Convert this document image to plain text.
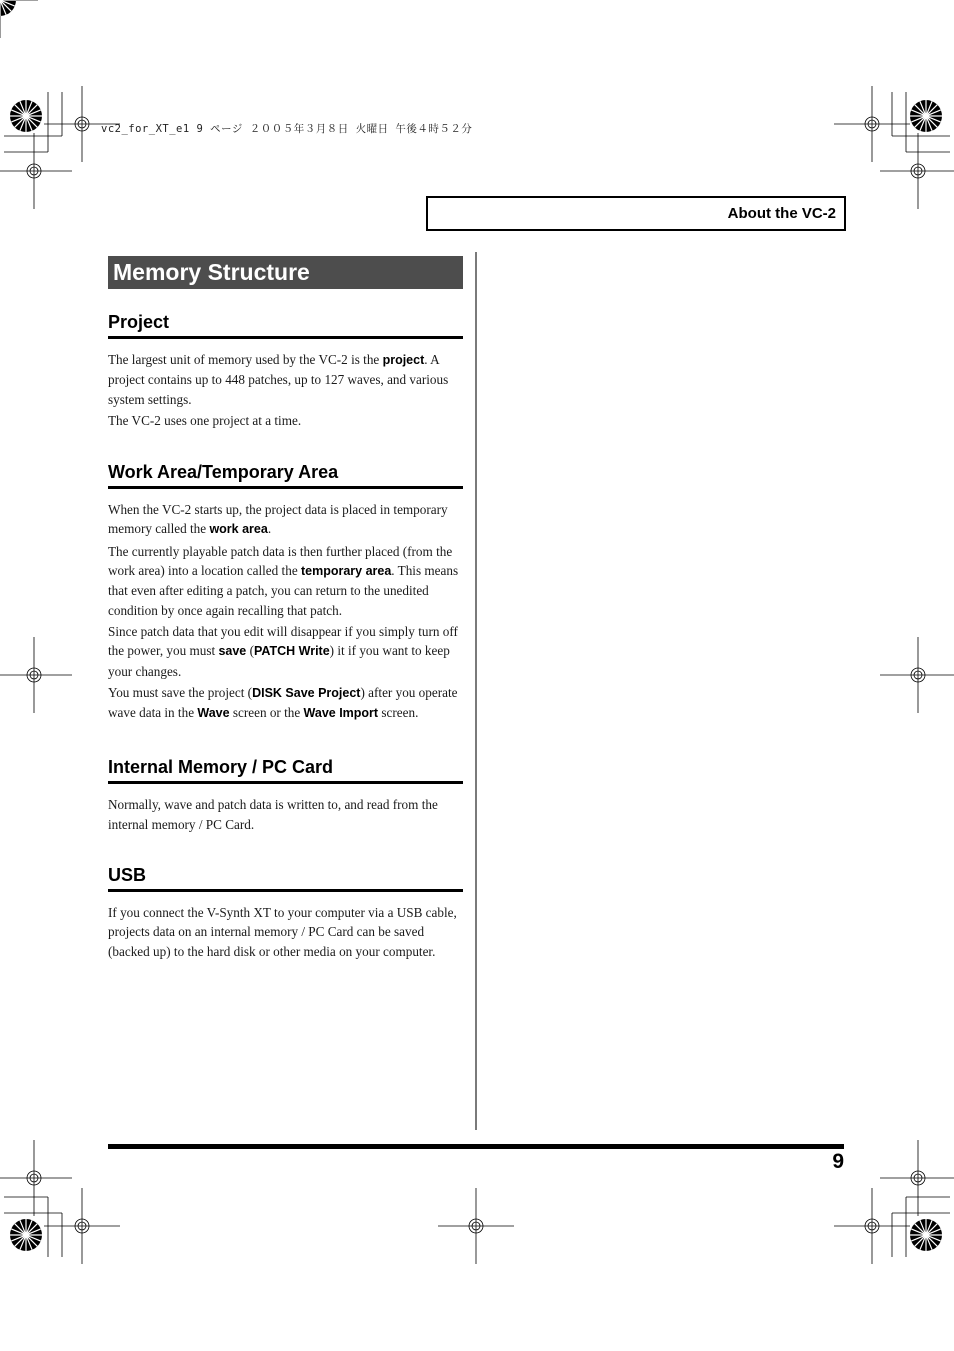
vc2_for_XT_e1 9 ページ ２００５年３月８日 火曜日 午後４時５２分
About the VC-2
Memory Structure
Project

The largest unit of memory used by the VC-2 is the project. A project contains up to 448 patches, up to 127 waves, and various system settings.

The VC-2 uses one project at a time.

Work Area/Temporary Area

When the VC-2 starts up, the project data is placed in temporary memory called the work area.

The currently playable patch data is then further placed (from the work area) into a location called the temporary area. This means that even after editing a patch, you can return to the unedited condition by once again recalling that patch.

Since patch data that you edit will disappear if you simply turn off the power, you must save (PATCH Write) it if you want to keep your changes.

You must save the project (DISK Save Project) after you operate wave data in the Wave screen or the Wave Import screen.

Internal Memory / PC Card

Normally, wave and patch data is written to, and read from the internal memory / PC Card.

USB

If you connect the V-Synth XT to your computer via a USB cable, projects data on an internal memory / PC Card can be saved (backed up) to the hard disk or other media on your computer.

9
